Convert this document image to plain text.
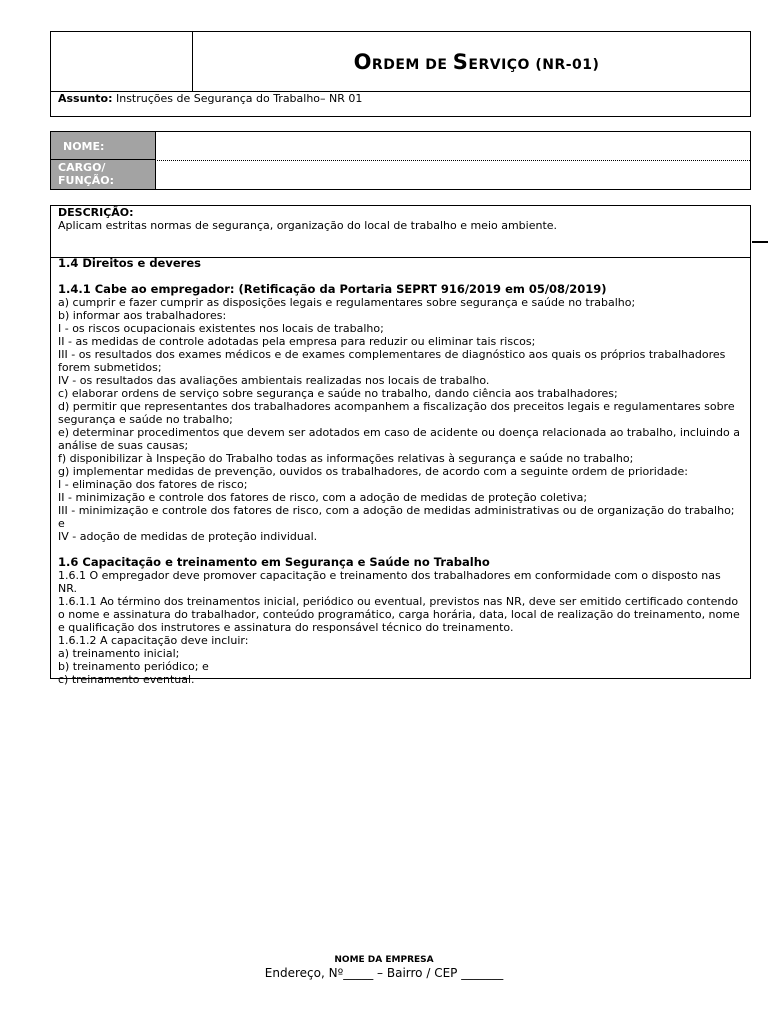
ORDEM DE SERVIÇO (NR-01)
Assunto: Instruções de Segurança do Trabalho– NR 01
NOME:
CARGO/ FUNÇÃO:
DESCRIÇÃO:
Aplicam estritas normas de segurança, organização do local de trabalho e meio ambiente.

1.4 Direitos e deveres

1.4.1 Cabe ao empregador: (Retificação da Portaria SEPRT 916/2019 em 05/08/2019)

a) cumprir e fazer cumprir as disposições legais e regulamentares sobre segurança e saúde no trabalho;

b) informar aos trabalhadores:

I - os riscos ocupacionais existentes nos locais de trabalho;

II - as medidas de controle adotadas pela empresa para reduzir ou eliminar tais riscos;

III - os resultados dos exames médicos e de exames complementares de diagnóstico aos quais os próprios trabalhadores forem submetidos;

IV - os resultados das avaliações ambientais realizadas nos locais de trabalho.

c) elaborar ordens de serviço sobre segurança e saúde no trabalho, dando ciência aos trabalhadores;

d) permitir que representantes dos trabalhadores acompanhem a fiscalização dos preceitos legais e regulamentares sobre segurança e saúde no trabalho;

e) determinar procedimentos que devem ser adotados em caso de acidente ou doença relacionada ao trabalho, incluindo a análise de suas causas;

f) disponibilizar à Inspeção do Trabalho todas as informações relativas à segurança e saúde no trabalho;

g) implementar medidas de prevenção, ouvidos os trabalhadores, de acordo com a seguinte ordem de prioridade:

I - eliminação dos fatores de risco;

II - minimização e controle dos fatores de risco, com a adoção de medidas de proteção coletiva;

III - minimização e controle dos fatores de risco, com a adoção de medidas administrativas ou de organização do trabalho; e

IV - adoção de medidas de proteção individual.

1.6 Capacitação e treinamento em Segurança e Saúde no Trabalho

1.6.1 O empregador deve promover capacitação e treinamento dos trabalhadores em conformidade com o disposto nas NR.

1.6.1.1 Ao término dos treinamentos inicial, periódico ou eventual, previstos nas NR, deve ser emitido certificado contendo o nome e assinatura do trabalhador, conteúdo programático, carga horária, data, local de realização do treinamento, nome e qualificação dos instrutores e assinatura do responsável técnico do treinamento.

1.6.1.2 A capacitação deve incluir:

a) treinamento inicial;

b) treinamento periódico; e

c) treinamento eventual.

NOME DA EMPRESA
Endereço, Nº_____ – Bairro / CEP _______
